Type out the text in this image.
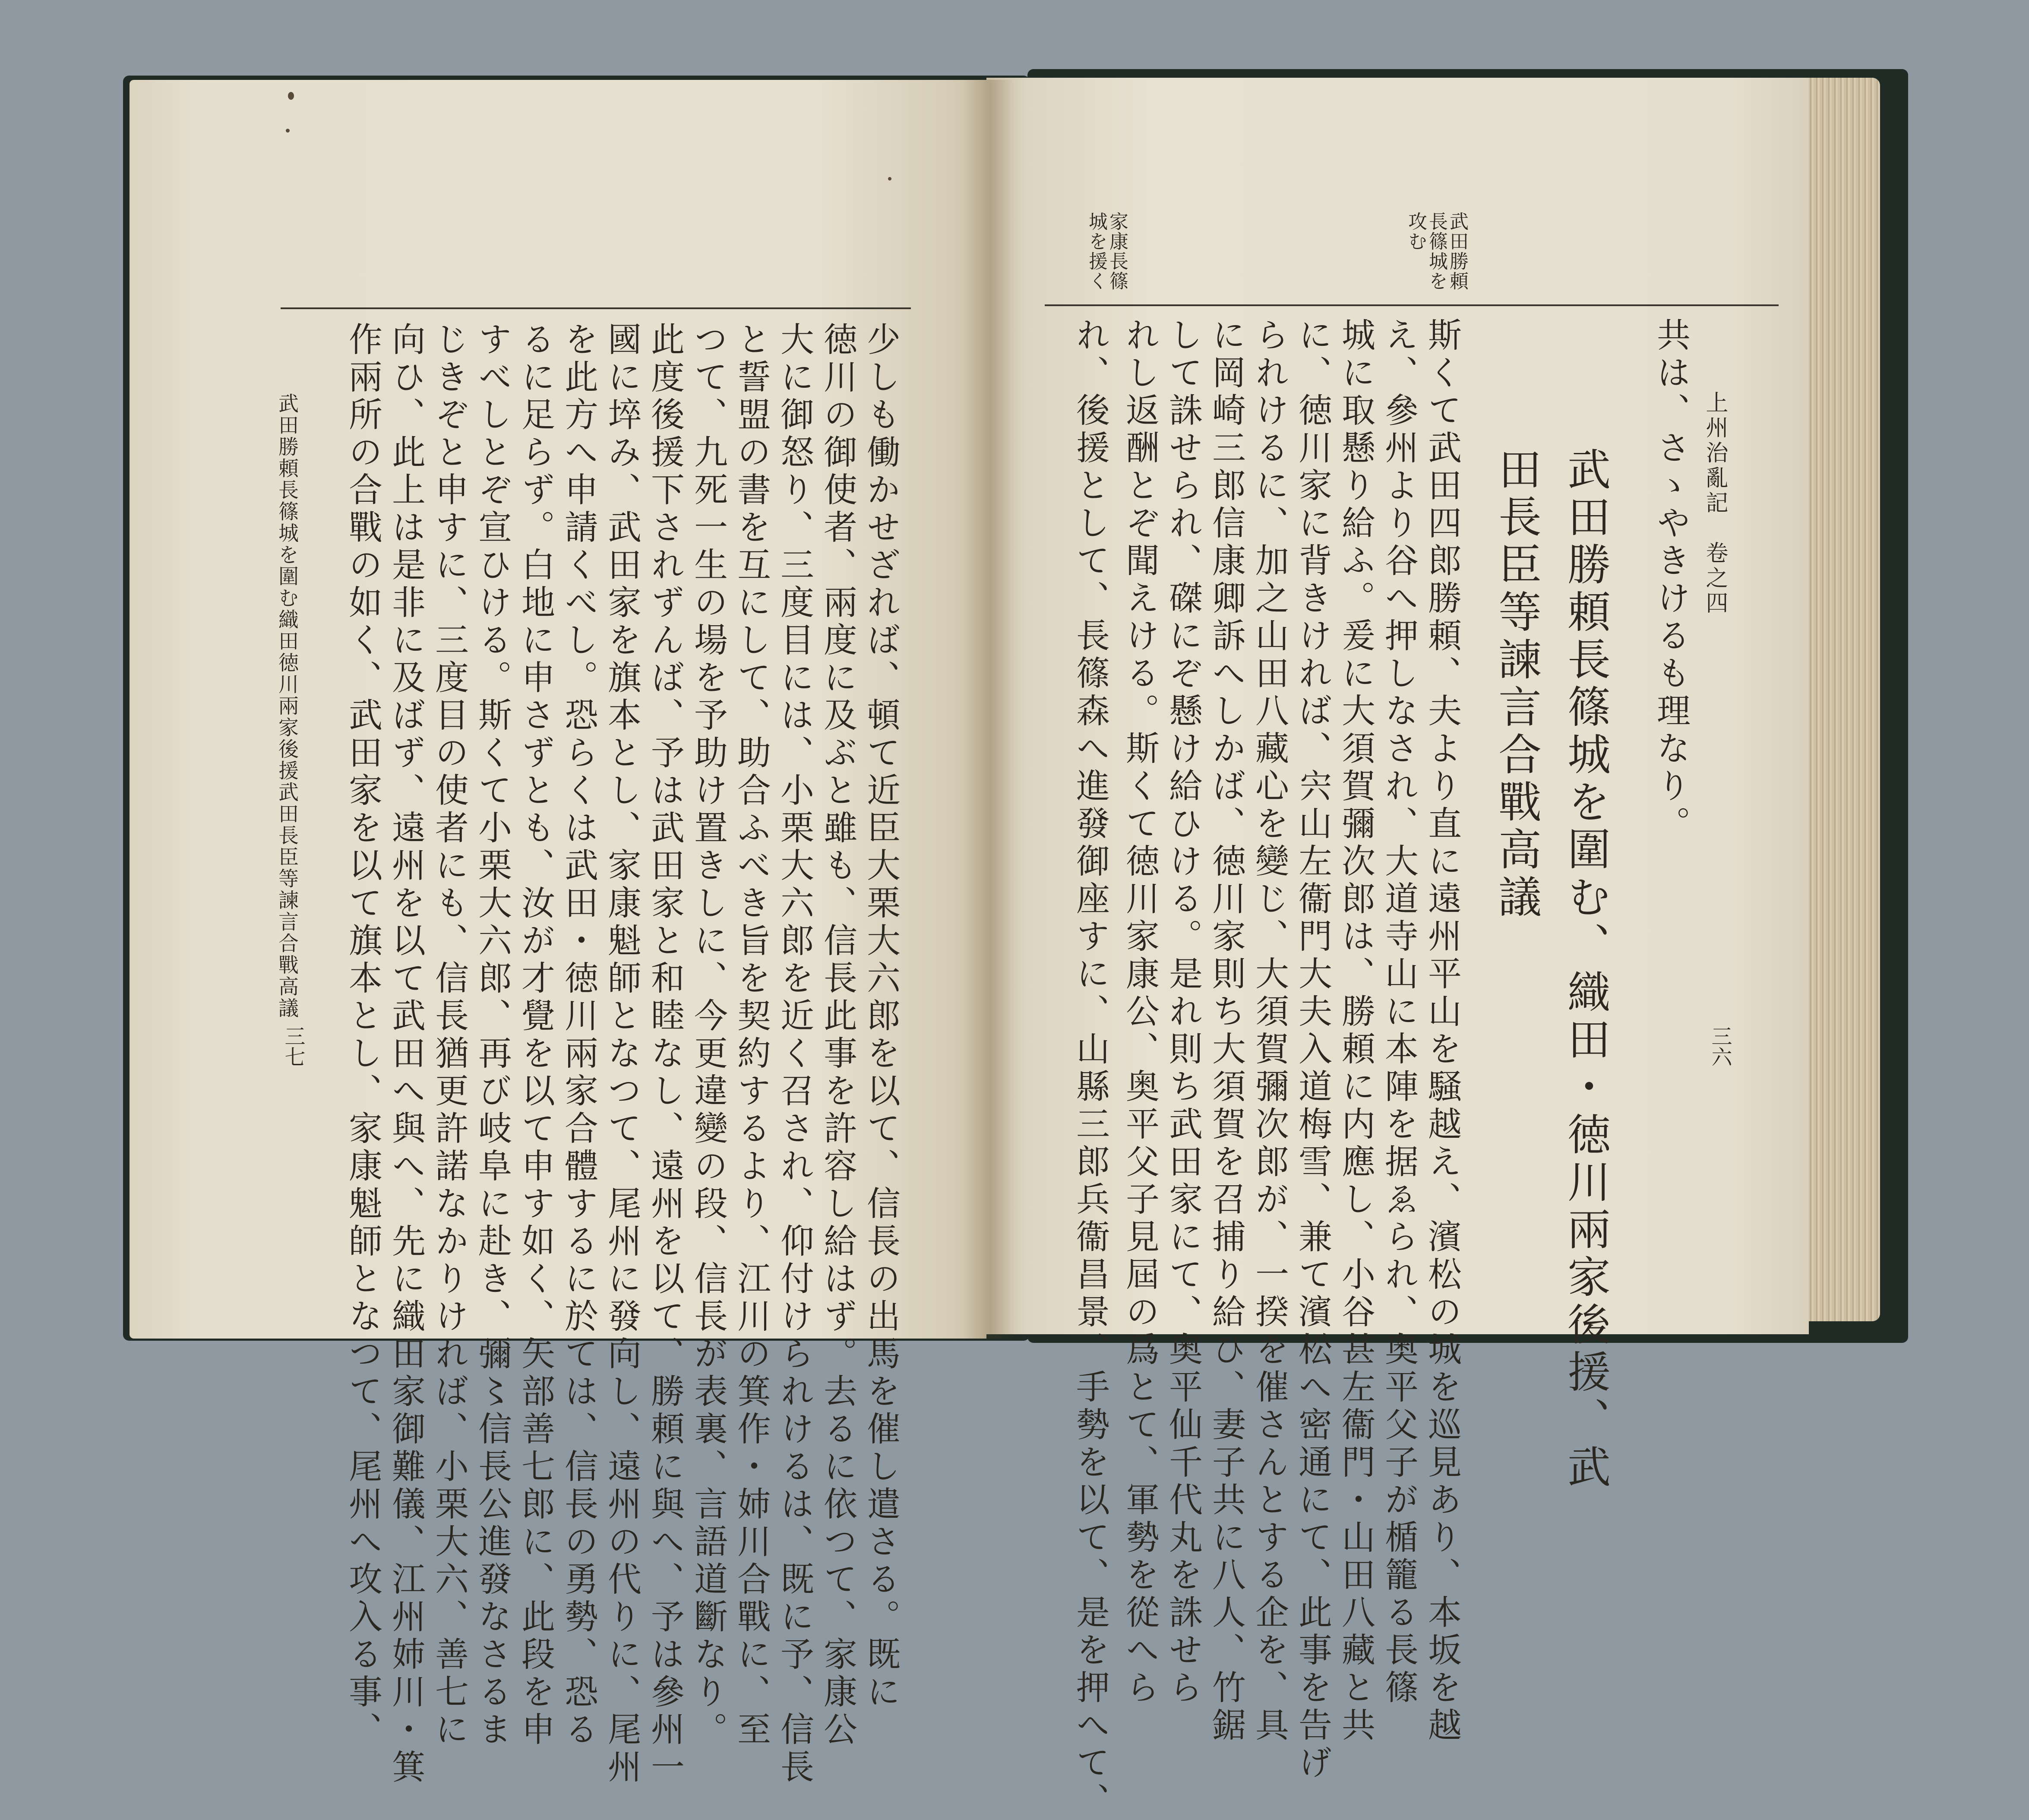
上州治亂記　卷之四
三六
武田勝頼
長篠城を
攻む
家康長篠
城を援く
共は、さゝやきけるも理なり。
武田勝頼長篠城を圍む、織田・徳川兩家後援、武
田長臣等諫言合戰高議
斯くて武田四郎勝頼、夫より直に遠州平山を騒越え、濱松の城を巡見あり、本坂を越
え、參州より谷へ押しなされ、大道寺山に本陣を据ゑられ、奥平父子が楯籠る長篠
城に取懸り給ふ。爰に大須賀彌次郎は、勝頼に内應し、小谷甚左衞門・山田八藏と共
に、徳川家に背きければ、宍山左衞門大夫入道梅雪、兼て濱松へ密通にて、此事を告げ
られけるに、加之山田八藏心を變じ、大須賀彌次郎が、一揆を催さんとする企を、具
に岡崎三郎信康卿訴へしかば、徳川家則ち大須賀を召捕り給ひ、妻子共に八人、竹鋸
して誅せられ、磔にぞ懸け給ひける。是れ則ち武田家にて、奥平仙千代丸を誅せら
れし返酬とぞ聞えける。斯くて徳川家康公、奥平父子見屆の爲とて、軍勢を從へら
れ、後援として、長篠森へ進發御座すに、山縣三郎兵衞昌景、手勢を以て、是を押へて、
少しも働かせざれば、頓て近臣大栗大六郎を以て、信長の出馬を催し遣さる。既に
徳川の御使者、兩度に及ぶと雖も、信長此事を許容し給はず。去るに依つて、家康公
大に御怒り、三度目には、小栗大六郎を近く召され、仰付けられけるは、既に予、信長
と誓盟の書を互にして、助合ふべき旨を契約するより、江川の箕作・姉川合戰に、至
つて、九死一生の場を予助け置きしに、今更違變の段、信長が表裏、言語道斷なり。
此度後援下されずんば、予は武田家と和睦なし、遠州を以て、勝頼に與へ、予は參州一
國に埣み、武田家を旗本とし、家康魁師となつて、尾州に發向し、遠州の代りに、尾州
を此方へ申請くべし。恐らくは武田・徳川兩家合體するに於ては、信長の勇勢、恐る
るに足らず。白地に申さずとも、汝が才覺を以て申す如く、矢部善七郎に、此段を申
すべしとぞ宣ひける。斯くて小栗大六郎、再び岐阜に赴き、彌〻信長公進發なさるま
じきぞと申すに、三度目の使者にも、信長猶更許諾なかりければ、小栗大六、善七に
向ひ、此上は是非に及ばず、遠州を以て武田へ與へ、先に織田家御難儀、江州姉川・箕
作兩所の合戰の如く、武田家を以て旗本とし、家康魁師となつて、尾州へ攻入る事、
武田勝頼長篠城を圍む織田徳川兩家後援武田長臣等諫言合戰高議
三七
